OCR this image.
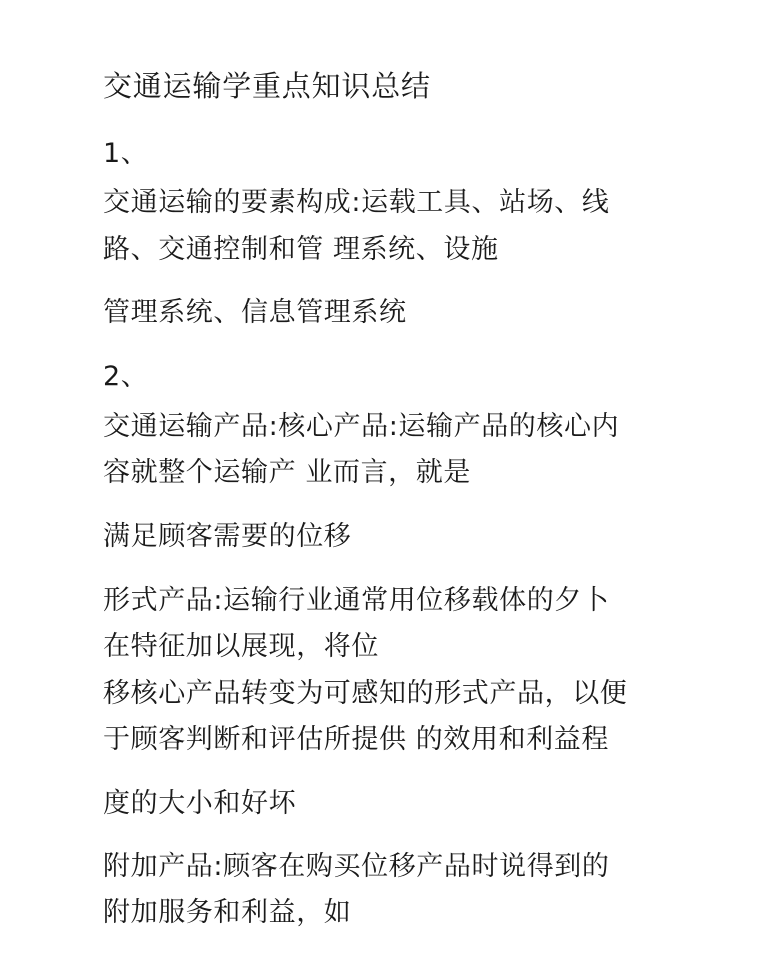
交通运输学重点知识总结
1、
交通运输的要素构成:运载工具、站场、线
路、交通控制和管 理系统、设施
管理系统、信息管理系统
2、
交通运输产品:核心产品:运输产品的核心内
容就整个运输产 业而言，就是
满足顾客需要的位移
形式产品:运输行业通常用位移载体的夕卜
在特征加以展现，将位
移核心产品转变为可感知的形式产品，以便
于顾客判断和评估所提供 的效用和利益程
度的大小和好坏
附加产品:顾客在购买位移产品时说得到的
附加服务和利益，如
